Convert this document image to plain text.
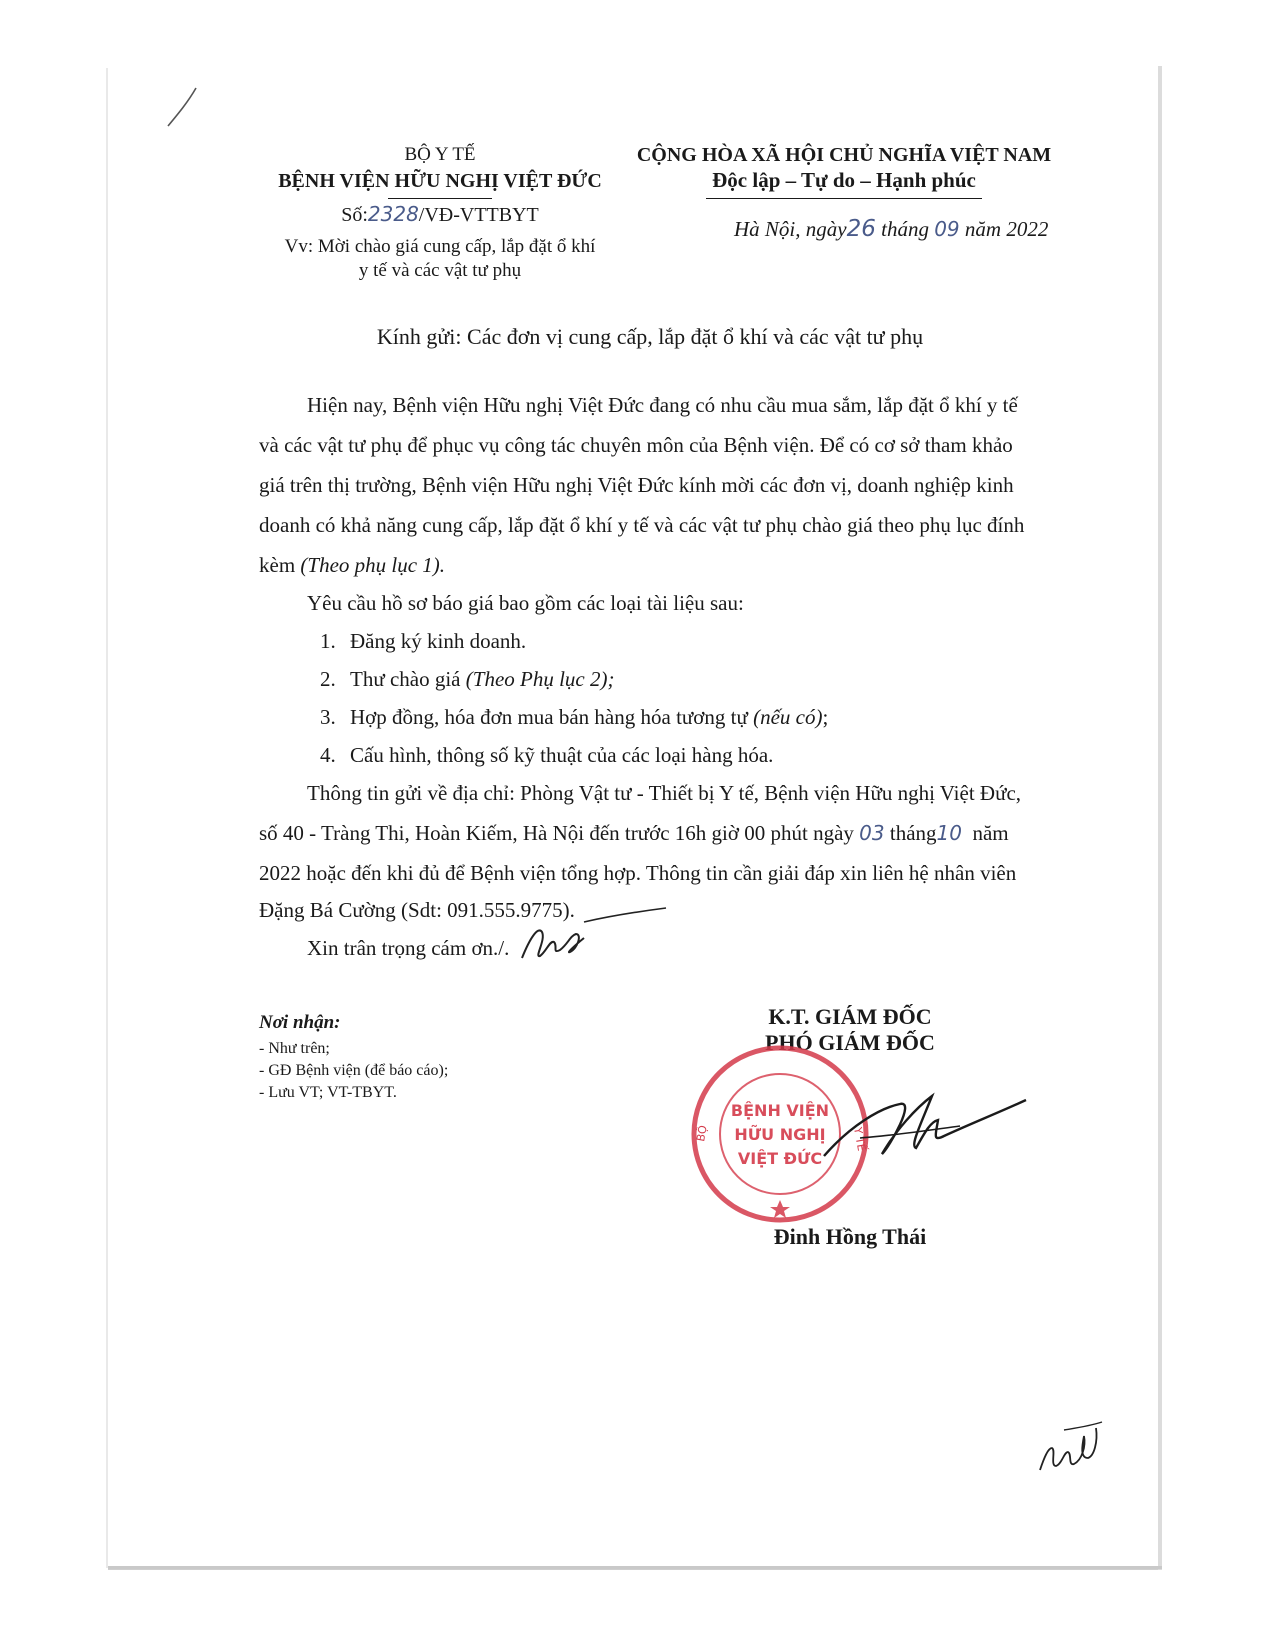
BỘ Y TẾ
BỆNH VIỆN HỮU NGHỊ VIỆT ĐỨC
Số:2328/VĐ-VTTBYT
Vv: Mời chào giá cung cấp, lắp đặt ổ khí
y tế và các vật tư phụ
CỘNG HÒA XÃ HỘI CHỦ NGHĨA VIỆT NAM
Độc lập – Tự do – Hạnh phúc
Hà Nội, ngày26 tháng 09 năm 2022
Kính gửi: Các đơn vị cung cấp, lắp đặt ổ khí và các vật tư phụ
Hiện nay, Bệnh viện Hữu nghị Việt Đức đang có nhu cầu mua sắm, lắp đặt ổ khí y tế
và các vật tư phụ để phục vụ công tác chuyên môn của Bệnh viện. Để có cơ sở tham khảo
giá trên thị trường, Bệnh viện Hữu nghị Việt Đức kính mời các đơn vị, doanh nghiệp kinh
doanh có khả năng cung cấp, lắp đặt ổ khí y tế và các vật tư phụ chào giá theo phụ lục đính
kèm (Theo phụ lục 1).
Yêu cầu hồ sơ báo giá bao gồm các loại tài liệu sau:
1. Đăng ký kinh doanh.
2. Thư chào giá (Theo Phụ lục 2);
3. Hợp đồng, hóa đơn mua bán hàng hóa tương tự (nếu có);
4. Cấu hình, thông số kỹ thuật của các loại hàng hóa.
Thông tin gửi về địa chỉ: Phòng Vật tư - Thiết bị Y tế, Bệnh viện Hữu nghị Việt Đức,
số 40 - Tràng Thi, Hoàn Kiếm, Hà Nội đến trước 16h giờ 00 phút ngày 03 tháng10 năm
2022 hoặc đến khi đủ để Bệnh viện tổng hợp. Thông tin cần giải đáp xin liên hệ nhân viên
Đặng Bá Cường (Sdt: 091.555.9775).
Xin trân trọng cám ơn./.
Nơi nhận:
- Như trên;
- GĐ Bệnh viện (để báo cáo);
- Lưu VT; VT-TBYT.
K.T. GIÁM ĐỐC
PHÓ GIÁM ĐỐC
BỆNH VIỆN
HỮU NGHỊ
VIỆT ĐỨC
BỘ	Y TẾ
Đinh Hồng Thái
